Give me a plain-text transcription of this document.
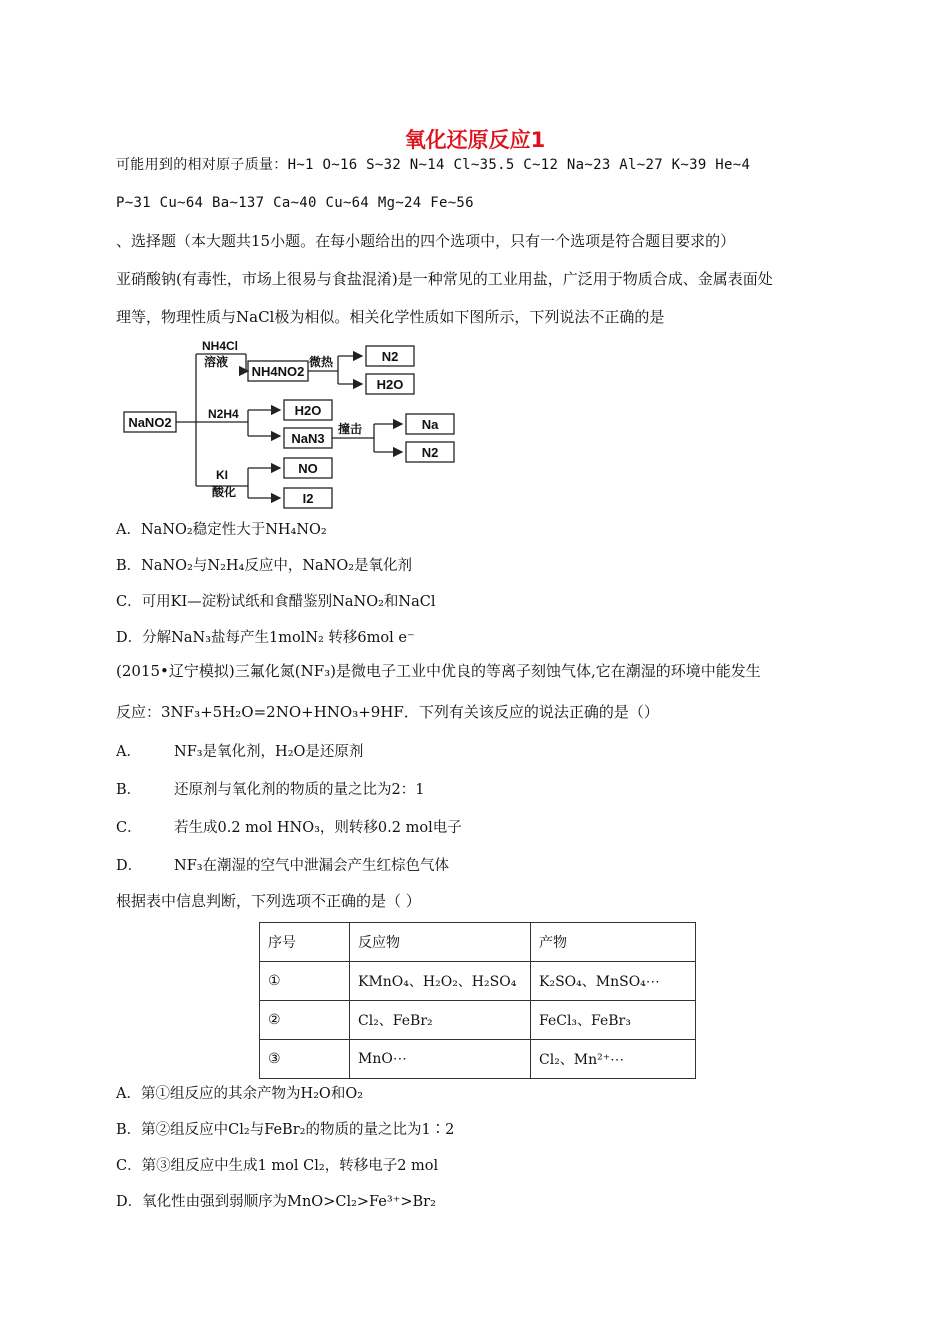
氧化还原反应1
可能用到的相对原子质量：H~1 O~16 S~32 N~14 Cl~35.5 C~12 Na~23 Al~27 K~39 He~4
P~31 Cu~64 Ba~137 Ca~40 Cu~64 Mg~24 Fe~56
、选择题（本大题共15小题。在每小题给出的四个选项中，只有一个选项是符合题目要求的）
亚硝酸钠(有毒性，市场上很易与食盐混淆)是一种常见的工业用盐，广泛用于物质合成、金属表面处
理等，物理性质与NaCl极为相似。相关化学性质如下图所示，下列说法不正确的是
NaNO2
NH4Cl
溶液
NH4NO2
微热	N2
H2O
N2H4	H2O
NaN3
撞击	Na
N2
KI
酸化
NO
I2
A．NaNO₂稳定性大于NH₄NO₂
B．NaNO₂与N₂H₄反应中，NaNO₂是氧化剂
C．可用KI—淀粉试纸和食醋鉴别NaNO₂和NaCl
D．分解NaN₃盐每产生1molN₂ 转移6mol e⁻
(2015•辽宁模拟)三氟化氮(NF₃)是微电子工业中优良的等离子刻蚀气体,它在潮湿的环境中能发生
反应：3NF₃+5H₂O=2NO+HNO₃+9HF．下列有关该反应的说法正确的是（）
A． NF₃是氧化剂，H₂O是还原剂
B． 还原剂与氧化剂的物质的量之比为2：1
C． 若生成0.2 mol HNO₃，则转移0.2 mol电子
D． NF₃在潮湿的空气中泄漏会产生红棕色气体
根据表中信息判断，下列选项不正确的是（ ）
序号	反应物	产物
①	KMnO₄、H₂O₂、H₂SO₄	K₂SO₄、MnSO₄⋯
②	Cl₂、FeBr₂	FeCl₃、FeBr₃
③	MnO⋯	Cl₂、Mn²⁺⋯
A．第①组反应的其余产物为H₂O和O₂
B．第②组反应中Cl₂与FeBr₂的物质的量之比为1∶2
C．第③组反应中生成1 mol Cl₂，转移电子2 mol
D．氧化性由强到弱顺序为MnO>Cl₂>Fe³⁺>Br₂
